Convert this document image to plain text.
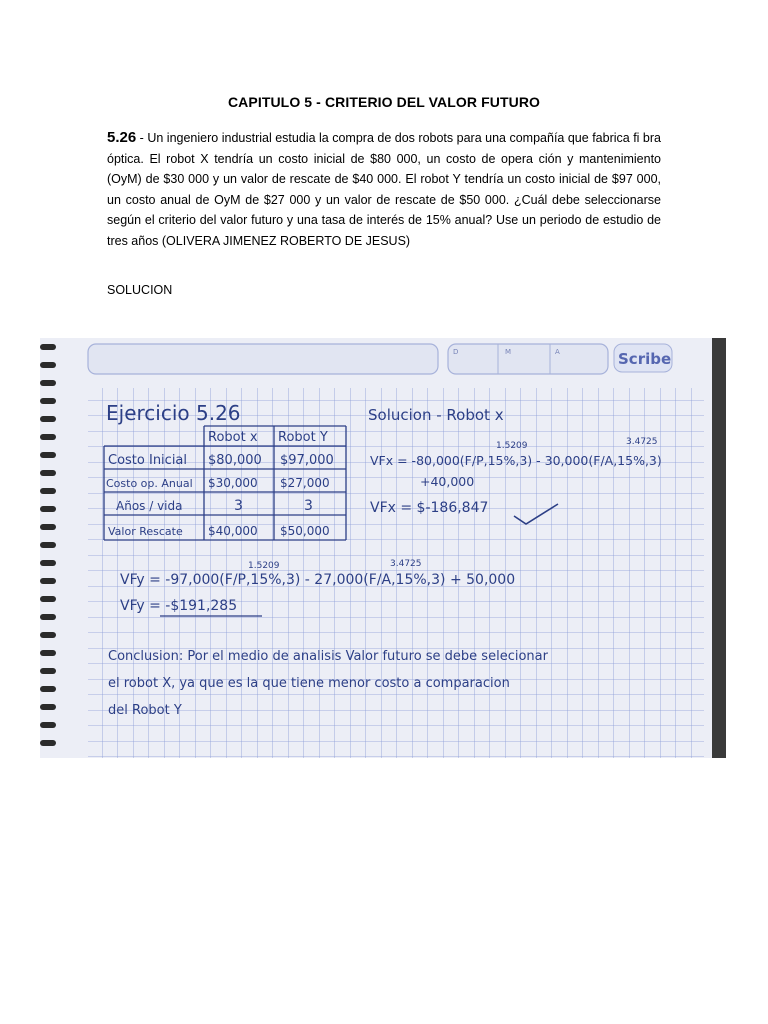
CAPITULO 5 - CRITERIO DEL VALOR FUTURO
5.26 - Un ingeniero industrial estudia la compra de dos robots para una compañía que fabrica fi bra óptica. El robot X tendría un costo inicial de $80 000, un costo de opera ción y mantenimiento (OyM) de $30 000 y un valor de rescate de $40 000. El robot Y tendría un costo inicial de $97 000, un costo anual de OyM de $27 000 y un valor de rescate de $50 000. ¿Cuál debe seleccionarse según el criterio del valor futuro y una tasa de interés de 15% anual? Use un periodo de estudio de tres años (OLIVERA JIMENEZ ROBERTO DE JESUS)
SOLUCION
D	M	A	Scribe
Ejercicio 5.26	Solucion - Robot x
Robot x Robot Y
Costo Inicial $80,000 $97,000
Costo op. Anual $30,000 $27,000
Años / vida	3	3
Valor Rescate $40,000 $50,000
1.5209	3.4725
VFx = -80,000(F/P,15%,3) - 30,000(F/A,15%,3)
+40,000
VFx = $-186,847
1.5209	3.4725
VFy = -97,000(F/P,15%,3) - 27,000(F/A,15%,3) + 50,000
VFy = -$191,285
Conclusion: Por el medio de analisis Valor futuro se debe selecionar
el robot X, ya que es la que tiene menor costo a comparacion
del Robot Y
